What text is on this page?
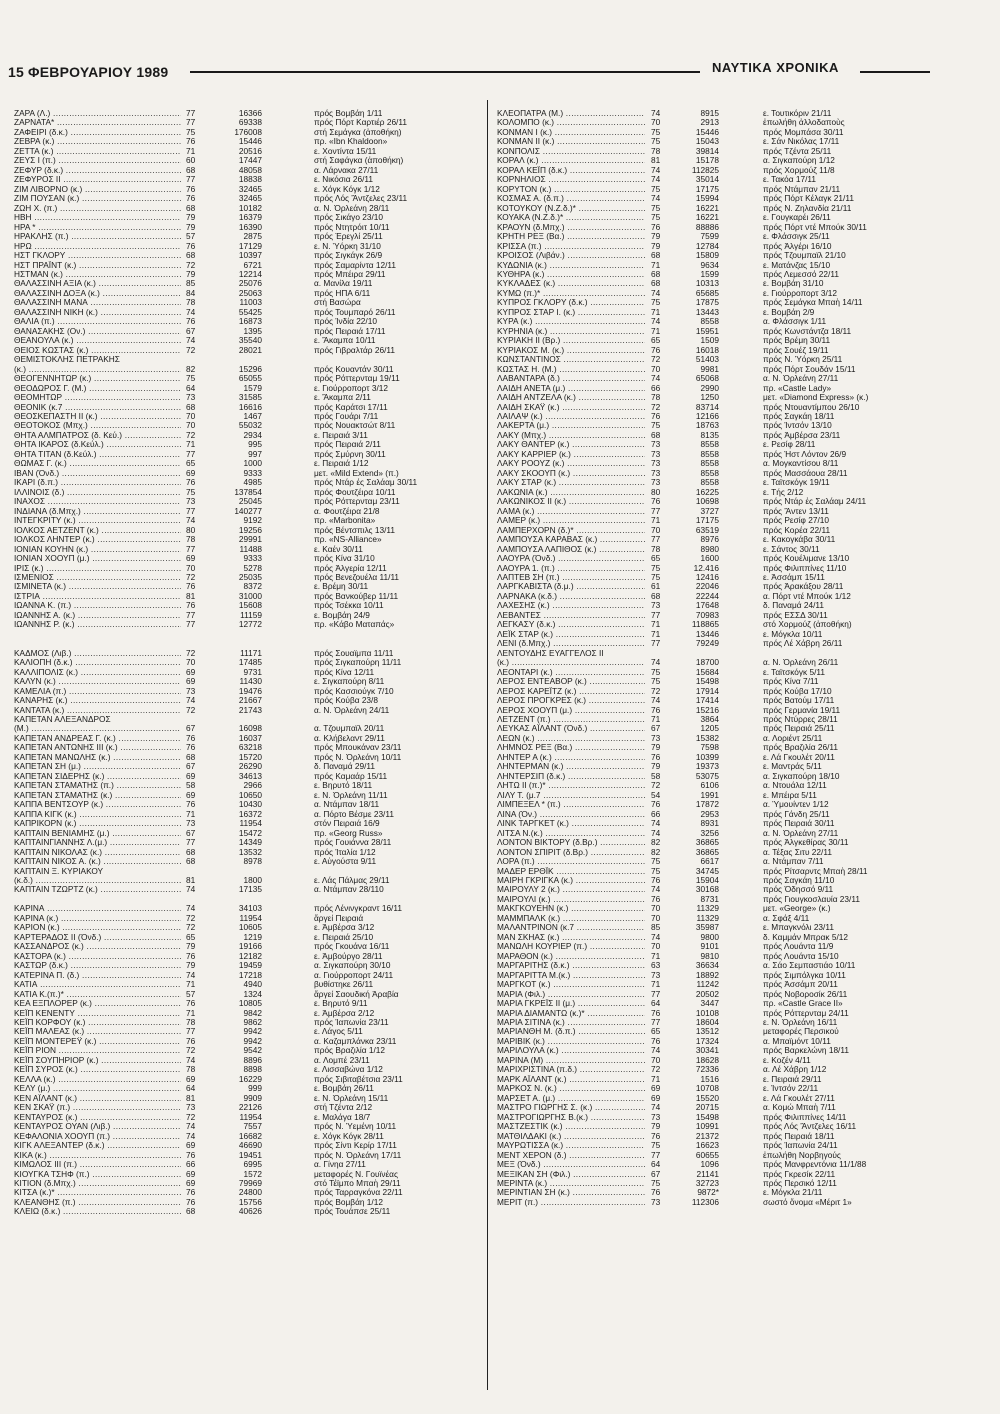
15 ΦΕΒΡΟΥΑΡΙΟΥ 1989	ΝΑΥΤΙΚΑ ΧΡΟΝΙΚΑ
ΖΑΡΑ (Λ.) .....	77	16366	πρός Βομβάη 1/11
ΖΑΡΝΑΤΑ* .....	77	69338	πρός Πόρτ Καρτιέρ 26/11
ΖΑΦΕΙΡΙ (δ.κ.) .....	75	176008	στή Σεμάγκα (ἀποθήκη)
ΖΕΒΡΑ (κ.) .....	76	15446	πρ. «Ibn Khaldoon»
ΖΕΤΤΑ (κ.) .....	71	20516	ε. Χοντίντα 15/11
ΖΕΥΣ I (π.) .....	60	17447	στή Σαφάγκα (ἀποθήκη)
ΖΕΦΥΡ (δ.κ.) .....	68	48058	α. Λάρνακα 27/11
ΖΕΦΥΡΟΣ II .....	77	18838	ε. Νικόσια 26/11
ΖΙΜ ΛΙΒΟΡΝΟ (κ.) .....	76	32465	ε. Χόγκ Κόγκ 1/12
ΖΙΜ ΠΟΥΣΑΝ (κ.) .....	76	32465	πρός Λός Ἄντζελες 23/11
ΖΩΗ Χ. (π.) .....	68	10182	α. Ν. Ὀρλεάνη 28/11
ΗΒΗ .....	79	16379	πρός Σικάγο 23/10
ΗΡΑ * .....	79	16390	πρός Ντητρόιτ 10/11
ΗΡΑΚΛΗΣ (π.) .....	57	2875	πρός Ἐρεγλί 25/11
ΗΡΩ .....	76	17129	ε. Ν. Ὑόρκη 31/10
ΗΣΤ ΓΚΛΟΡΥ .....	68	10397	πρός Σιγκάγκ 26/9
ΗΣΤ ΠΡΑΪΝΤ (κ.) .....	72	6721	πρός Σαμαρίντα 12/11
ΗΣΤΜΑΝ (κ.) .....	79	12214	πρός Μπέιρα 29/11
ΘΑΛΑΣΣΙΝΗ ΑΞΙΑ (κ.) .....	85	25076	α. Μανίλα 19/11
ΘΑΛΑΣΣΙΝΗ ΔΟΞΑ (κ.) .....	84	25063	πρός ΗΠΑ 6/11
ΘΑΛΑΣΣΙΝΗ ΜΑΝΑ .....	78	11003	στή Βασώρα
ΘΑΛΑΣΣΙΝΗ ΝΙΚΗ (κ.) .....	74	55425	πρός Τουμπαρό 26/11
ΘΑΛΙΑ (π.) .....	76	16873	πρός Ἰνδία 22/10
ΘΑΝΑΣΑΚΗΣ (Ον.) .....	67	1395	πρός Πειραιά 17/11
ΘΕΑΝΟΥΛΑ (κ.) .....	74	35540	ε. Ἄκαμπα 10/11
ΘΕΙΟΣ ΚΩΣΤΑΣ (κ.) .....	72	28021	πρός Γιβραλτάρ 26/11
ΘΕΜΙΣΤΟΚΛΗΣ ΠΕΤΡΑΚΗΣ
(κ.) .....	82	15296	πρός Κουαντάν 30/11
ΘΕΟΓΕΝΝΗΤΩΡ (κ.) .....	75	65055	πρός Ρόττερνταμ 19/11
ΘΕΟΔΩΡΟΣ Γ. (Μ.) .....	64	1579	ε. Γιούρροπορτ 3/12
ΘΕΟΜΗΤΩΡ .....	73	31585	ε. Ἄκαμπα 2/11
ΘΕΟΝΙΚ (κ.7 .....	68	16616	πρός Καράτσι 17/11
ΘΕΟΣΚΕΠΑΣΤΗ II (κ.) .....	70	1467	πρός Γουάρι 7/11
ΘΕΟΤΟΚΟΣ (Μπχ.) .....	70	55032	πρός Νουακτσώτ 8/11
ΘΗΤΑ ΑΛΜΠΑΤΡΟΣ (δ. Κεύ.) .....	72	2934	ε. Πειραιά 3/11
ΘΗΤΑ ΙΚΑΡΟΣ (δ.Κεύλ.) .....	71	995	πρός Πειραιά 2/11
ΘΗΤΑ ΤΙΤΑΝ (δ.Κεύλ.) .....	77	997	πρός Σμύρνη 30/11
ΘΩΜΑΣ Γ. (κ.) .....	65	1000	ε. Πειραιά 1/12
ΙΒΑΝ (Ὀνδ.) .....	69	9333	μετ. «Mild Extend» (π.)
ΙΚΑΡΙ (δ.π.) .....	76	4985	πρός Ντάρ ές Σαλάαμ 30/11
ΙΛΛΙΝΟΙΣ (δ.) .....	75	137854	πρός Φουτζέιρα 10/11
ΙΝΑΧΟΣ .....	73	25045	πρός Ρόττερνταμ 23/11
ΙΝΔΙΑΝΑ (δ.Μπχ.) .....	77	140277	α. Φουτζέιρα 21/8
ΙΝΤΕΓΚΡΙΤΥ (κ.) .....	74	9192	πρ. «Marbonita»
ΙΟΛΚΟΣ ΑΕΤΖΕΝΤ (κ.) .....	80	19256	πρός Βέντσπιλς 13/11
ΙΟΛΚΟΣ ΛΗΝΤΕΡ (κ.) .....	78	29991	πρ. «NS-Alliance»
ΙΟΝΙΑΝ ΚΟΥΗΝ (κ.) .....	77	11488	ε. Καέν 30/11
ΙΟΝΙΑΝ ΧΟΟΥΠ (μ.) .....	69	9333	πρός Κίνα 31/10
ΙΡΙΣ (κ.) .....	70	5278	πρός Ἀλγερία 12/11
ΙΣΜΕΝΙΟΣ .....	72	25035	πρός Βενεζουέλα 11/11
ΙΣΜΙΝΕΤΑ (κ.) .....	76	8372	ε. Βρέμη 30/11
ΙΣΤΡΙΑ .....	81	31000	πρός Βανκούβερ 11/11
ΙΩΑΝΝΑ Κ. (π.) .....	76	15608	πρός Τσέκκα 10/11
ΙΩΑΝΝΗΣ Α. (κ.) .....	77	11159	ε. Βομβάη 24/9
ΙΩΑΝΝΗΣ Ρ. (κ.) .....	77	12772	πρ. «Κάβο Ματαπάς»
ΚΑΔΜΟΣ (Λιβ.) .....	72	11171	πρός Σουαϊμπα 11/11
ΚΑΛΙΟΠΗ (δ.κ.) .....	70	17485	πρός Σιγκαπούρη 11/11
ΚΑΛΛΙΠΟΛΙΣ (κ.) .....	69	9731	πρός Κίνα 12/11
ΚΑΛΥΝ (κ.) .....	69	11430	ε. Σιγκαπούρη 8/11
ΚΑΜΕΛΙΑ (π.) .....	73	19476	πρός Κασσιούγκ 7/10
ΚΑΝΑΡΗΣ (κ.) .....	74	21667	πρός Κούβα 23/8
ΚΑΝΤΑΤΑ (κ.) .....	72	21743	α. Ν. Ὀρλεάνη 24/11
ΚΑΠΕΤΑΝ ΑΛΕΞΑΝΔΡΟΣ
(Μ.) .....	67	16098	α. Τζουμπαϊλ 20/11
ΚΑΠΕΤΑΝ ΑΝΔΡΕΑΣ Γ. (κ.) .....	76	16037	α. Κλήβελαντ 29/11
ΚΑΠΕΤΑΝ ΑΝΤΩΝΗΣ III (κ.) .....	76	63218	πρός Μπουκάναν 23/11
ΚΑΠΕΤΑΝ ΜΑΝΩΛΗΣ (κ.) .....	68	15720	πρός Ν. Ὀρλεάνη 10/11
ΚΑΠΕΤΑΝ ΣΗ (μ.) .....	67	26290	δ. Παναμά 29/11
ΚΑΠΕΤΑΝ ΣΙΔΕΡΗΣ (κ.) .....	69	34613	πρός Καμαάρ 15/11
ΚΑΠΕΤΑΝ ΣΤΑΜΑΤΗΣ (π.) .....	58	2966	ε. Βηρυτό 18/11
ΚΑΠΕΤΑΝ ΣΤΑΜΑΤΗΣ (κ.) .....	69	10650	ε. Ν. Ὀρλεάνη 11/11
ΚΑΠΠΑ ΒΕΝΤΣΟΥΡ (κ.) .....	76	10430	α. Ντάμπαν 18/11
ΚΑΠΠΑ ΚΙΓΚ (κ.) .....	71	16372	α. Πόρτο Βέσμε 23/11
ΚΑΠΡΙΚΟΡΝ (κ.) .....	73	11954	στόν Πειραιά 16/9
ΚΑΠΤΑΙΝ ΒΕΝΙΑΜΗΣ (μ.) .....	67	15472	πρ. «Georg Russ»
ΚΑΠΤΑΙΝΓΙΑΝΝΗΣ Λ.(μ.) .....	77	14349	πρός Γουιάννα 28/11
ΚΑΠΤΑΙΝ ΝΙΚΟΛΑΣ (κ.) .....	68	13532	πρός Ἰταλία 1/12
ΚΑΠΤΑΙΝ ΝΙΚΟΣ Α. (κ.) .....	68	8978	ε. Αὐγούστα 9/11
ΚΑΠΤΑΙΝ Ξ. ΚΥΡΙΑΚΟΥ
(κ.δ.) .....	81	1800	ε. Λάς Πάλμας 29/11
ΚΑΠΤΑΙΝ ΤΖΩΡΤΖ (κ.) .....	74	17135	α. Ντάμπαν 28/110
ΚΑΡΙΝΑ .....	74	34103	πρός Λένινγκραντ 16/11
ΚΑΡΙΝΑ (κ.) .....	72	11954	ἄργεί Πειραιά
ΚΑΡΙΟΝ (κ.) .....	72	10605	ε. Ἀμβέρσα 3/12
ΚΑΡΤΕΡΑΔΟΣ II (Ὀνδ.) .....	65	1219	ε. Πειραιά 25/10
ΚΑΣΣΑΝΔΡΟΣ (κ.) .....	79	19166	πρός Γκουάνα 16/11
ΚΑΣΤΟΡΑ (κ.) .....	76	12182	ε. Ἀμβούργο 28/11
ΚΑΣΤΩΡ (δ.κ.) .....	79	19459	α. Σιγκαπούρη 30/10
ΚΑΤΕΡΙΝΑ Π. (δ.) .....	74	17218	α. Γιούρροπορτ 24/11
ΚΑΤΙΑ .....	71	4940	βυθίστηκε 26/11
ΚΑΤΙΑ Κ.(π.)* .....	57	1324	ἄργεί Σαουδική Ἀραβία
ΚΕΑ ΕΞΠΛΟΡΕΡ (κ.) .....	76	10805	ε. Βηρυτό 9/11
ΚΕΪΠ ΚΕΝΕΝΤΥ .....	71	9842	ε. Ἀμβέρσα 2/12
ΚΕΪΠ ΚΟΡΦΟΥ (κ.) .....	78	9862	πρός Ἰαπωνία 23/11
ΚΕΪΠ ΜΑΛΕΑΣ (κ.) .....	77	9942	ε. Λάγος 5/11
ΚΕΪΠ ΜΟΝΤΕΡΕΫ (κ.) .....	76	9942	α. Καζαμπλάνκα 23/11
ΚΕΪΠ ΡΙΟΝ .....	72	9542	πρός Βραζιλία 1/12
ΚΕΪΠ ΣΟΥΠΗΡΙΟΡ (κ.) .....	74	8896	α. Λομπέ 23/11
ΚΕΪΠ ΣΥΡΟΣ (κ.) .....	78	8898	ε. Λισσαβώνα 1/12
ΚΕΛΛΑ (κ.) .....	69	16229	πρός Σιβιταβέτσια 23/11
ΚΕΛΥ (μ.) .....	64	999	ε. Βομβάη 26/11
ΚΕΝ ΑΪΛΑΝΤ (κ.) .....	81	9909	ε. Ν. Ὀρλεάνη 15/11
ΚΕΝ ΣΚΑΫ (π.) .....	73	22126	στή Τζέντα 2/12
ΚΕΝΤΑΥΡΟΣ (κ.) .....	72	11954	ε. Μαλάγα 18/7
ΚΕΝΤΑΥΡΟΣ ΟΥΑΝ (Λιβ.) .....	74	7557	πρός Ν. Ὑεμένη 10/11
ΚΕΦΑΛΟΝΙΑ ΧΟΟΥΠ (π.) .....	74	16682	ε. Χόγκ Κόγκ 28/11
ΚΙΓΚ ΑΛΕΞΑΝΤΕΡ (δ.κ.) .....	69	46690	πρός Σίντι Κερίρ 17/11
ΚΙΚΑ (κ.) .....	76	19451	πρός Ν. Ὀρλεάνη 17/11
ΚΙΜΩΛΟΣ III (π.) .....	66	6995	α. Γίνηα 27/11
ΚΙΟΥΓΚΑ ΤΣΗΦ (π.) .....	69	1572	μεταφορές Ν. Γουϊνέας
ΚΙΤΙΟΝ (δ.Μπχ.) .....	69	79969	στό Τέϊμπο Μπαὴ 29/11
ΚΙΤΣΑ (κ.)* .....	76	24800	πρός Ταρραγκόνα 22/11
ΚΛΕΑΝΘΗΣ (π.) .....	76	15756	πρός Βομβάη 1/12
ΚΛΕΙΩ (δ.κ.) .....	68	40626	πρός Τουάπσε 25/11
ΚΛΕΟΠΑΤΡΑ (Μ.) .....	74	8915	ε. Τουτικόριν 21/11
ΚΟΛΟΜΠΟ (κ.) .....	70	2913	ἐπωλήθη ἀλλοδαποὺς
ΚΟΝΜΑΝ I (κ.) .....	75	15446	πρός Μομπάσα 30/11
ΚΟΝΜΑΝ II (κ.) .....	75	15043	ε. Σάν Νικόλας 17/11
ΚΟΝΠΟΛΙΣ .....	78	39814	πρός Τζέντα 25/11
ΚΟΡΑΛ (κ.) .....	81	15178	α. Σιγκαπούρη 1/12
ΚΟΡΑΛ ΚΕΪΠ (δ.κ.) .....	74	112825	πρός Χορμούζ 11/8
ΚΟΡΝΗΛΙΟΣ .....	74	35014	ε. Τακόα 17/11
ΚΟΡΥΤΟΝ (κ.) .....	75	17175	πρός Ντάμπαν 21/11
ΚΟΣΜΑΣ Α. (δ.π.) .....	74	15994	πρός Πόρτ Κέλαγκ 21/11
ΚΟΤΟΥΚΟΥ (Ν.Ζ.δ.)* .....	75	16221	πρός Ν. Ζηλανδία 21/11
ΚΟΥΑΚΑ (Ν.Ζ.δ.)* .....	75	16221	ε. Γουγκαρέι 26/11
ΚΡΑΟΥΝ (δ.Μπχ.) .....	76	88886	πρός Πόρτ ντέ Μπούκ 30/11
ΚΡΗΤΗ ΡΕΞ (Βα.) .....	79	7599	ε. Φλάσσιγκ 25/11
ΚΡΙΣΣΑ (π.) .....	79	12784	πρός Ἀλγέρι 16/10
ΚΡΟΙΣΟΣ (Λιβάν.) .....	68	15809	πρός Τζουμπαϊλ 21/10
ΚΥΔΩΝΙΑ (κ.) .....	71	9634	ε. Ματάνζας 15/10
ΚΥΘΗΡΑ (κ.) .....	68	1599	πρός Λεμεσσό 22/11
ΚΥΚΛΑΔΕΣ (κ.) .....	68	10313	ε. Βομβάη 31/10
ΚΥΜΩ (π.)* .....	74	65685	ε. Γιούρροπορτ 3/12
ΚΥΠΡΟΣ ΓΚΛΟΡΥ (δ.κ.) .....	75	17875	πρός Σεμάγκα Μπαὴ 14/11
ΚΥΠΡΟΣ ΣΤΑΡ I. (κ.) .....	71	13443	ε. Βομβάη 2/9
ΚΥΡΑ (κ.) .....	74	8558	α. Φλάσσιγκ 1/11
ΚΥΡΗΝΙΑ (κ.) .....	71	15951	πρός Κωνστάντζα 18/11
ΚΥΡΙΑΚΗ II (Βρ.) .....	65	1509	πρός Βρέμη 30/11
ΚΥΡΙΑΚΟΣ Μ. (κ.) .....	76	16018	πρός Σουέζ 19/11
ΚΩΝΣΤΑΝΤΙΝΟΣ .....	72	51403	πρός Ν. Ὑόρκη 25/11
ΚΩΣΤΑΣ Η. (Μ.) .....	70	9981	πρός Πόρτ Σουδάν 15/11
ΛΑΒΑΝΤΑΡΑ (δ.) .....	74	65068	α. Ν. Ὀρλεάνη 27/11
ΛΑΙΔΗ ΑΝΕΤΑ (μ.) .....	66	2990	πρ. «Castle Lady»
ΛΑΙΔΗ ΑΝΤΖΕΛΑ (κ.) .....	78	1250	μετ. «Diamond Express» (κ.)
ΛΑΙΔΗ ΣΚΑΫ (κ.) .....	72	83714	πρός Ντουαντίμπου 26/10
ΛΑΙΛΑΨ (κ.) .....	76	12166	πρός Σαγκάη 18/11
ΛΑΚΕΡΤΑ (μ.) .....	75	18763	πρός Ἰντσόν 13/10
ΛΑΚΥ (Μπχ.) .....	68	8135	πρός Ἀμβέρσα 23/11
ΛΑΚΥ ΘΑΝΤΕΡ (κ.) .....	73	8558	ε. Ρεσίφ 28/11
ΛΑΚΥ ΚΑΡΡΙΕΡ (κ.) .....	73	8558	πρός Ἡστ Λόντον 26/9
ΛΑΚΥ ΡΟΟΥΖ (κ.) .....	73	8558	α. Μογκαντίσου 8/11
ΛΑΚΥ ΣΚΟΟΥΠ (κ.) .....	73	8558	πρός Μασσάουα 28/11
ΛΑΚΥ ΣΤΑΡ (κ.) .....	73	8558	ε. Ταϊτσκόγκ 19/11
ΛΑΚΩΝΙΑ (κ.) .....	80	16225	ε. Τής 2/12
ΛΑΚΩΝΙΚΟΣ II (κ.) .....	76	10698	πρός Ντάρ ἐς Σαλάαμ 24/11
ΛΑΜΑ (κ.) .....	77	3727	πρός Ἄντεν 13/11
ΛΑΜΕΡ (κ.) .....	71	17175	πρός Ρεσίφ 27/10
ΛΑΜΠΕΡΧΟΡΝ (δ.)* .....	70	63519	πρός Κορέα 22/11
ΛΑΜΠΟΥΣΑ ΚΑΡΑΒΑΣ (κ.) .....	77	8976	ε. Κακογκάβα 30/11
ΛΑΜΠΟΥΣΑ ΛΑΠΙΘΟΣ (κ.) .....	78	8980	ε. Σάντος 30/11
ΛΑΟΥΡΑ (Ὀνδ.) .....	65	1600	πρός Κουέλιμανε 13/10
ΛΑΟΥΡΑ 1. (π.) .....	75	12.416	πρός Φιλιππίνες 11/10
ΛΑΠΤΕΒ ΣΗ (π.) .....	75	12416	ε. Ἀσσάμπ 15/11
ΛΑΡΓΚΑΒΙΣΤΑ (δ.μ.) .....	61	22046	πρός Ἀρακάξου 28/11
ΛΑΡΝΑΚΑ (κ.δ.) .....	68	22244	α. Πόρτ ντέ Μπούκ 1/12
ΛΑΧΕΣΗΣ (κ.) .....	73	17648	δ. Παναμά 24/11
ΛΕΒΑΝΤΕΣ .....	77	70983	πρός ΕΣΣΔ 30/11
ΛΕΓΚΑΣΥ (δ.κ.) .....	71	118865	στό Χορμούζ (ἀποθήκη)
ΛΕΪΚ ΣΤΑΡ (κ.) .....	71	13446	ε. Μόγκλα 10/11
ΛΕΝΙ (δ.Μπχ.) .....	77	79249	πρός Λέ Χάβρη 26/11
ΛΕΝΤΟΥΔΗΣ ΕΥΑΓΓΕΛΟΣ II
(κ.) .....	74	18700	α. Ν. Ὀρλεάνη 26/11
ΛΕΟΝΤΑΡΙ (κ.) .....	75	15684	ε. Ταϊτσκόγκ 5/11
ΛΕΡΟΣ ΕΝΤΕΑΒΟΡ (κ.) .....	75	15498	πρός Κίνα 7/11
ΛΕΡΟΣ ΚΑΡΕΪΤΖ (κ.) .....	72	17914	πρός Κούβα 17/10
ΛΕΡΟΣ ΠΡΟΓΚΡΕΣ (κ.) .....	74	17414	πρός Βατούμ 17/11
ΛΕΡΟΣ ΧΟΟΥΠ (μ.) .....	76	15216	πρός Γερμανία 19/11
ΛΕΤΖΕΝΤ (π.) .....	71	3864	πρός Ντύρρες 28/11
ΛΕΥΚΑΣ ΑΪΛΑΝΤ (Ὀνδ.) .....	67	1205	πρός Πειραιά 25/11
ΛΕΩΝ (κ.) .....	73	15382	α. Λοριέντ 25/11
ΛΗΜΝΟΣ ΡΕΞ (Βα.) .....	79	7598	πρός Βραζιλία 26/11
ΛΗΝΤΕΡ Α (κ.) .....	76	10399	ε. Λά Γκουλέτ 20/11
ΛΗΝΤΕΡΜΑΝ (κ.) .....	79	19373	ε. Μαντράς 5/11
ΛΗΝΤΕΡΣΙΠ (δ.κ.) .....	58	53075	α. Σιγκαπούρη 18/10
ΛΗΤΩ II (π.)* .....	72	6106	α. Ντουάλα 12/11
ΛΙΛΥ Τ. (μ.7 .....	54	1991	ε. Μπέιρα 5/11
ΛΙΜΠΕΞΕΛ * (π.) .....	76	17872	α. Ὑμουίντεν 1/12
ΛΙΝΑ (Ὀν.) .....	66	2953	πρός Γάνδη 25/11
ΛΙΝΚ ΤΑΡΓΚΕΤ (κ.) .....	74	8931	πρός Πειραιά 30/11
ΛΙΤΣΑ Ν.(κ.) .....	74	3256	α. Ν. Ὀρλεάνη 27/11
ΛΟΝΤΟΝ ΒΙΚΤΟΡΥ (δ.Βρ.) .....	82	36865	πρός Ἀλγκεθίρας 30/11
ΛΟΝΤΟΝ ΣΠΙΡΙΤ (δ.Βρ.) .....	82	36865	α. Τέξας Σιτυ 22/11
ΛΟΡΑ (π.) .....	75	6617	α. Ντάμπαν 7/11
ΜΑΔΕΡ ΕΡΘΪΚ .....	75	34745	πρός Ρίτσαρντς Μπαὴ 28/11
ΜΑΙΡΗ ΓΚΡΙΓΚΑ (κ.) .....	76	15904	πρός Σαγκάη 11/10
ΜΑΙΡΟΥΛΥ 2 (κ.) .....	74	30168	πρός Ὀδησσό 9/11
ΜΑΙΡΟΥΛΙ (κ.) .....	76	8731	πρός Γιουγκοσλαυία 23/11
ΜΑΚΓΚΟΥΕΗΝ (κ.) .....	70	11329	μετ. «George» (κ.)
ΜΑΜΜΠΑΛΚ (κ.) .....	70	11329	α. Σφάξ 4/11
ΜΑΛΑΝΤΡΙΝΟΝ (κ.7 .....	85	35987	ε. Μπαγκνόλι 23/11
ΜΑΝ ΣΚΗΑΣ (κ.) .....	74	9800	δ. Καμμάν Μπρακ 5/12
ΜΑΝΩΛΗ ΚΟΥΡΙΕΡ (π.) .....	70	9101	πρός Λουάντα 11/9
ΜΑΡΑΘΟΝ (κ.) .....	71	9810	πρός Λουάντα 15/10
ΜΑΡΓΑΡΙΤΗΣ (δ.κ.) .....	63	36634	α. Σάο Σεμπαστιάο 10/11
ΜΑΡΓΑΡΙΤΤΑ Μ.(κ.) .....	73	18892	πρός Σιμπόλγκα 10/11
ΜΑΡΓΚΟΤ (κ.) .....	71	11242	πρός Ἀσσάμπ 20/11
ΜΑΡΙΑ (Φιλ.) .....	77	20502	πρός Νοβοροσίκ 26/11
ΜΑΡΙΑ ΓΚΡΕΪΣ II (μ.) .....	64	3447	πρ. «Castle Grace II»
ΜΑΡΙΑ ΔΙΑΜΑΝΤΩ (κ.)* .....	76	10108	πρός Ρόττερνταμ 24/11
ΜΑΡΙΑ ΣΙΤΙΝΑ (κ.) .....	77	18604	ε. Ν. Ὀρλεάνη 16/11
ΜΑΡΙΑΝΘΗ Μ. (δ.π.) .....	65	13512	μεταφορές Περσικού
ΜΑΡΙΒΙΚ (κ.) .....	76	17324	α. Μπαϊμόντ 10/11
ΜΑΡΙΛΟΥΛΑ (κ.) .....	74	30341	πρός Βαρκελώνη 18/11
ΜΑΡΙΝΑ (Μ) .....	70	18628	ε. Κοζέν 4/11
ΜΑΡΙΧΡΙΣΤΙΝΑ (π.δ.) .....	72	72336	α. Λέ Χάβρη 1/12
ΜΑΡΚ ΑΪΛΑΝΤ (κ.) .....	71	1516	ε. Πειραιά 29/11
ΜΑΡΚΟΣ Ν. (κ.) .....	69	10708	ε. Ἰντσόν 22/11
ΜΑΡΣΕΤ Α. (μ.) .....	69	15520	ε. Λά Γκουλέτ 27/11
ΜΑΣΤΡΟ ΓΙΩΡΓΗΣ Σ. (κ.) .....	74	20715	α. Κομώ Μπαὴ 7/11
ΜΑΣΤΡΟΓΙΩΡΓΗΣ Β.(κ.) .....	73	15498	πρός Φιλιππίνες 14/11
ΜΑΣΤΖΕΣΤΙΚ (κ.) .....	79	10991	πρός Λός Ἄντζελες 16/11
ΜΑΤΘΙΛΔΑΚΙ (κ.) .....	76	21372	πρός Πειραιά 18/11
ΜΑΥΡΩΤΙΣΣΑ (κ.) .....	75	16623	πρός Ἰαπωνία 24/11
ΜΕΝΤ ΧΕΡΟΝ (δ.) .....	77	60655	ἐπωλήθη Νορβηγούς
ΜΕΞ (Ὀνδ.) .....	64	1096	πρός Μανφρεντόνια 11/1/88
ΜΕΞΙΚΑΝ ΣΗ (Φιλ.) .....	67	21141	πρός Γκρεσίκ 22/11
ΜΕΡΙΝΤΑ (κ.) .....	75	32723	πρός Περσικό 12/11
ΜΕΡΙΝΤΙΑΝ ΣΗ (κ.) .....	76	9872*	ε. Μόγκλα 21/11
ΜΕΡΙΤ (π.) .....	73	112306	σωστό ὄνομα «Μέριτ 1»
